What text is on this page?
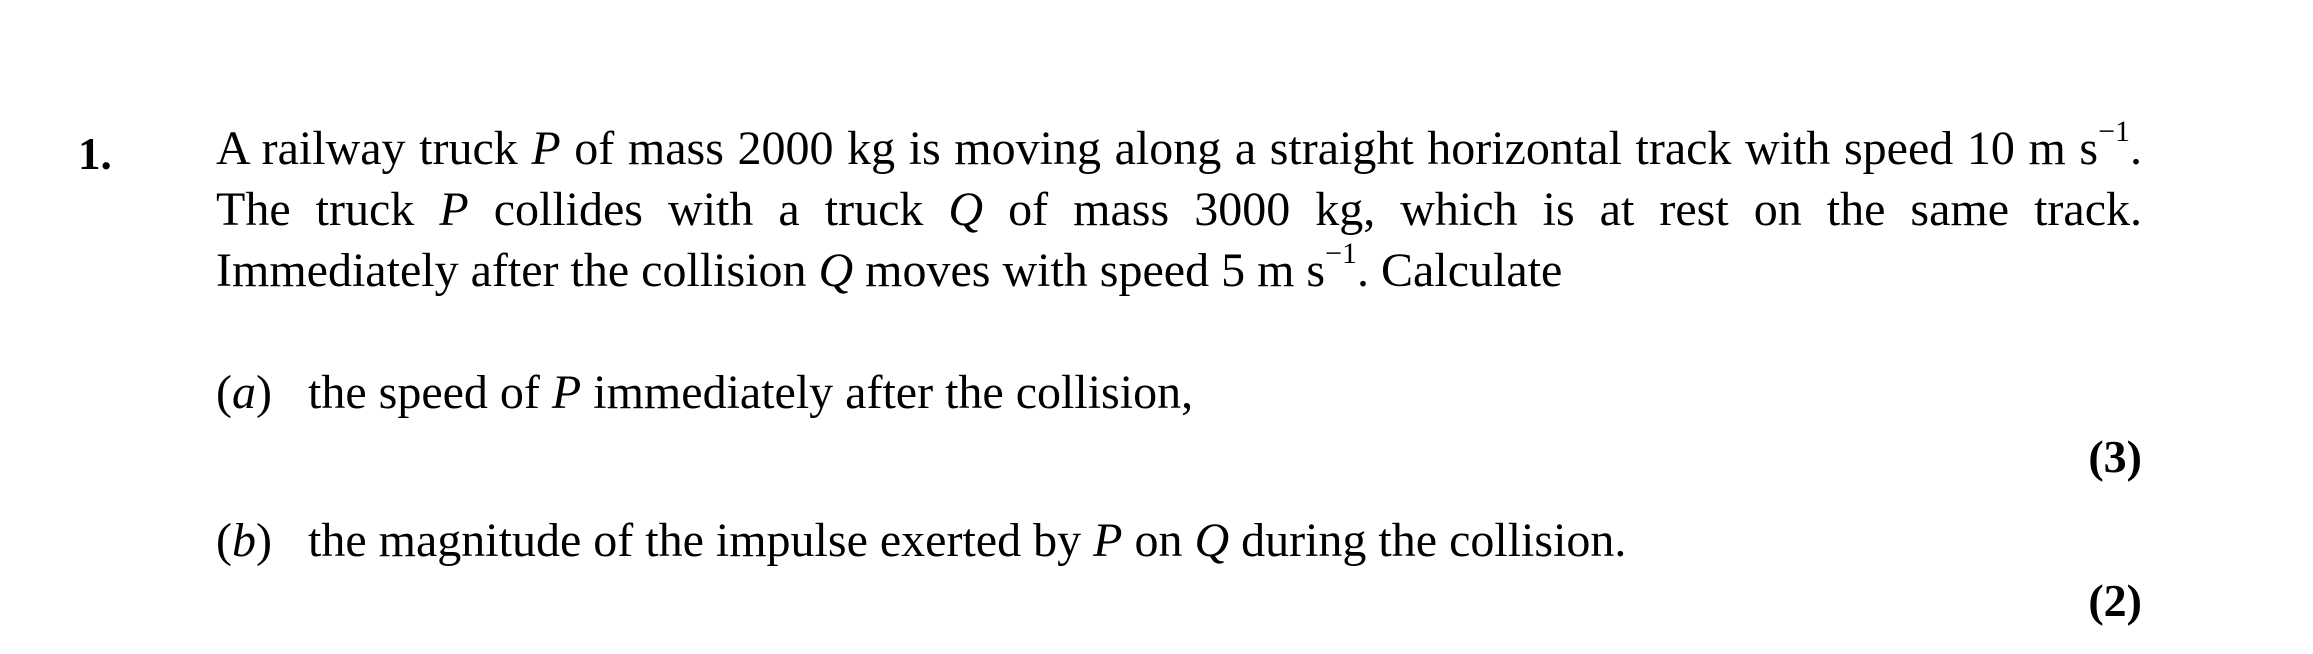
1. A railway truck P of mass 2000 kg is moving along a straight horizontal track with speed 10 m $s^{-1}$. The truck P collides with a truck Q of mass 3000 kg, which is at rest on the same track. Immediately after the collision Q moves with speed 5 m $s^{-1}$. Calculate
(a) the speed of P immediately after the collision,
(3)
(b) the magnitude of the impulse exerted by P on Q during the collision.
(2)
